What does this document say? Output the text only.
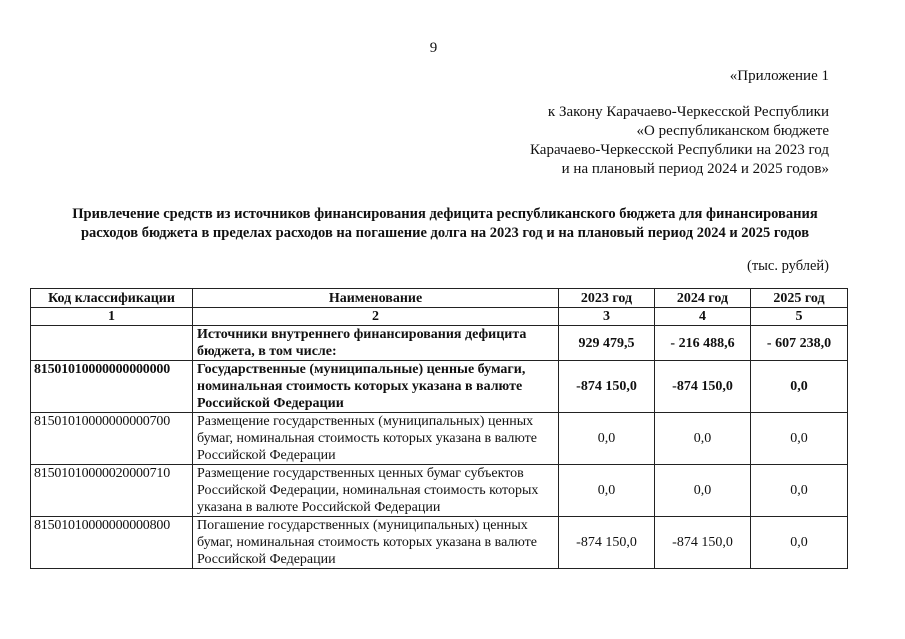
9
«Приложение 1
к Закону Карачаево-Черкесской Республики
«О республиканском бюджете
Карачаево-Черкесской Республики на 2023 год
и на плановый период 2024 и 2025 годов»
Привлечение средств из источников финансирования дефицита республиканского бюджета для финансирования
расходов бюджета в пределах расходов на погашение долга на 2023 год и на плановый период 2024 и 2025 годов
(тыс. рублей)
Код классификации	Наименование	2023 год	2024 год	2025 год
1	2	3	4	5
	Источники внутреннего финансирования дефицита бюджета, в том числе:	929 479,5	- 216 488,6	- 607 238,0
81501010000000000000	Государственные (муниципальные) ценные бумаги, номинальная стоимость которых указана в валюте Российской Федерации	-874 150,0	-874 150,0	0,0
81501010000000000700	Размещение государственных (муниципальных) ценных бумаг, номинальная стоимость которых указана в валюте Российской Федерации	0,0	0,0	0,0
81501010000020000710	Размещение государственных ценных бумаг субъектов Российской Федерации, номинальная стоимость которых указана в валюте Российской Федерации	0,0	0,0	0,0
81501010000000000800	Погашение государственных (муниципальных) ценных бумаг, номинальная стоимость которых указана в валюте Российской Федерации	-874 150,0	-874 150,0	0,0
